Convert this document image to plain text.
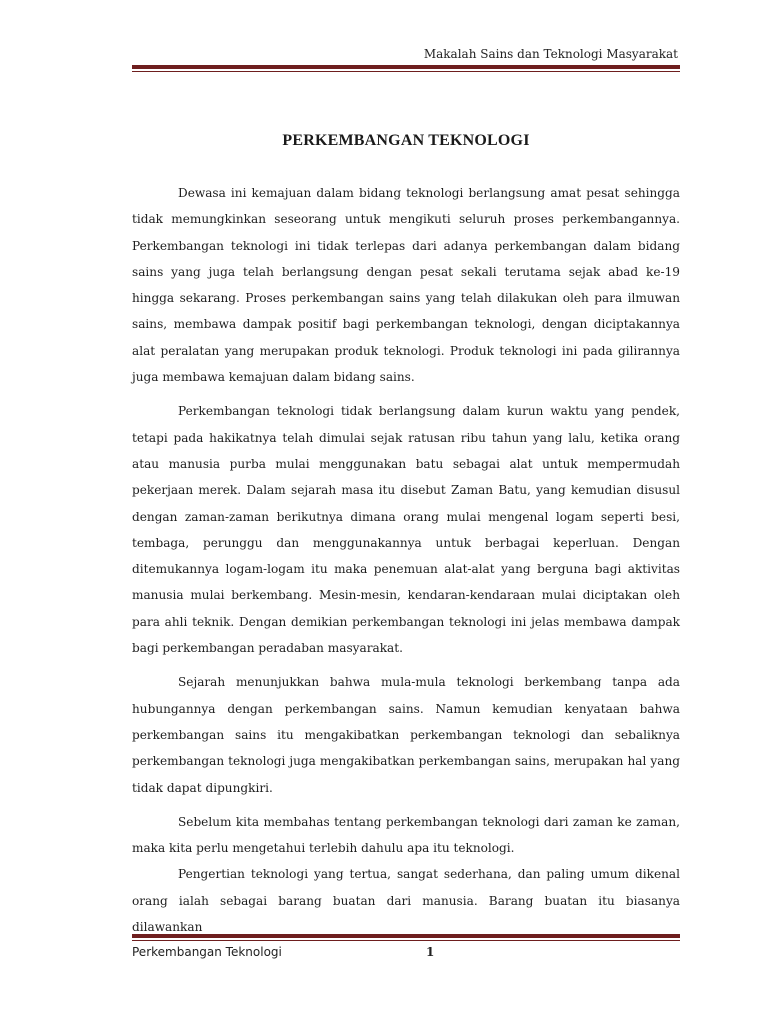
Makalah Sains dan Teknologi Masyarakat
PERKEMBANGAN TEKNOLOGI

Dewasa ini kemajuan dalam bidang teknologi berlangsung amat pesat sehingga tidak memungkinkan seseorang untuk mengikuti seluruh proses perkembangannya. Perkembangan teknologi ini tidak terlepas dari adanya perkembangan dalam bidang sains yang juga telah berlangsung dengan pesat sekali terutama sejak abad ke-19 hingga sekarang. Proses perkembangan sains yang telah dilakukan oleh para ilmuwan sains, membawa dampak positif bagi perkembangan teknologi, dengan diciptakannya alat peralatan yang merupakan produk teknologi. Produk teknologi ini pada gilirannya juga membawa kemajuan dalam bidang sains.

Perkembangan teknologi tidak berlangsung dalam kurun waktu yang pendek, tetapi pada hakikatnya telah dimulai sejak ratusan ribu tahun yang lalu, ketika orang atau manusia purba mulai menggunakan batu sebagai alat untuk mempermudah pekerjaan merek. Dalam sejarah masa itu disebut Zaman Batu, yang kemudian disusul dengan zaman-zaman berikutnya dimana orang mulai mengenal logam seperti besi, tembaga, perunggu dan menggunakannya untuk berbagai keperluan. Dengan ditemukannya logam-logam itu maka penemuan alat-alat yang berguna bagi aktivitas manusia mulai berkembang. Mesin-mesin, kendaran-kendaraan mulai diciptakan oleh para ahli teknik. Dengan demikian perkembangan teknologi ini jelas membawa dampak bagi perkembangan peradaban masyarakat.

Sejarah menunjukkan bahwa mula-mula teknologi berkembang tanpa ada hubungannya dengan perkembangan sains. Namun kemudian kenyataan bahwa perkembangan sains itu mengakibatkan perkembangan teknologi dan sebaliknya perkembangan teknologi juga mengakibatkan perkembangan sains, merupakan hal yang tidak dapat dipungkiri.

Sebelum kita membahas tentang perkembangan teknologi dari zaman ke zaman, maka kita perlu mengetahui terlebih dahulu apa itu teknologi.

Pengertian teknologi yang tertua, sangat sederhana, dan paling umum dikenal orang ialah sebagai barang buatan dari manusia. Barang buatan itu biasanya dilawankan

Perkembangan Teknologi	1
